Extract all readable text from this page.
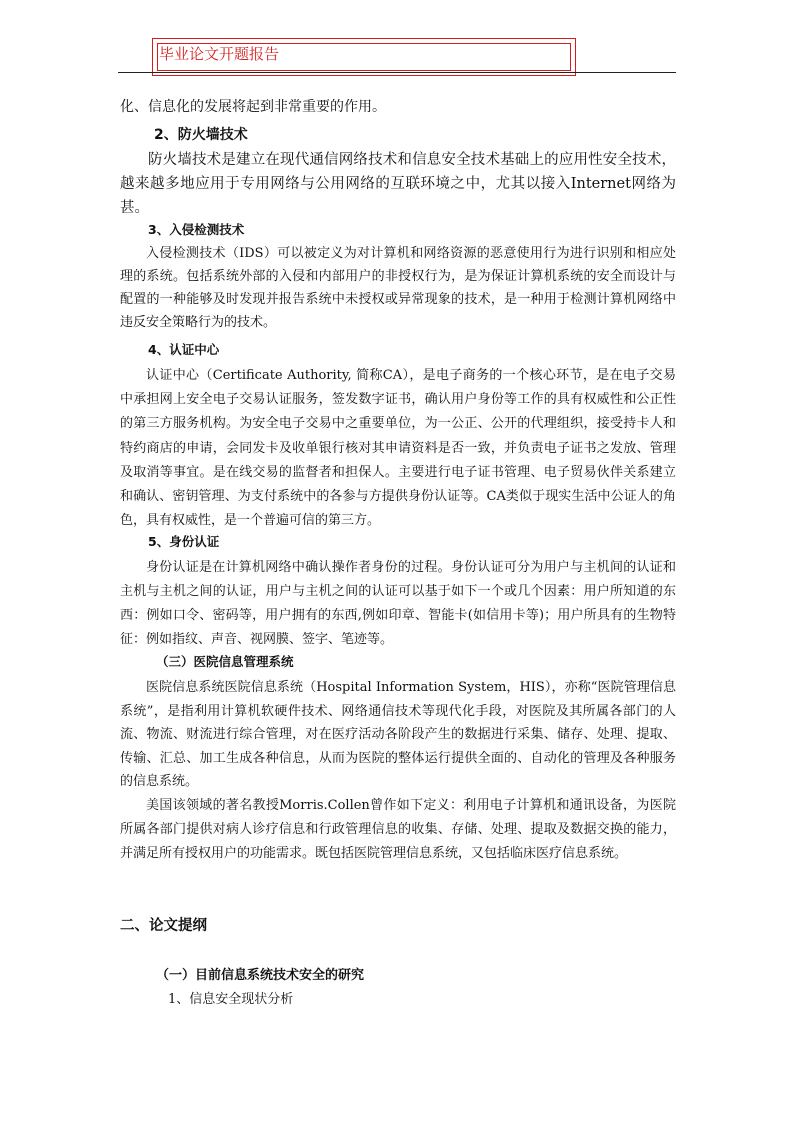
毕业论文开题报告
化、信息化的发展将起到非常重要的作用。
2、防火墙技术
防火墙技术是建立在现代通信网络技术和信息安全技术基础上的应用性安全技术，越来越多地应用于专用网络与公用网络的互联环境之中，尤其以接入Internet网络为甚。
3、入侵检测技术
入侵检测技术（IDS）可以被定义为对计算机和网络资源的恶意使用行为进行识别和相应处理的系统。包括系统外部的入侵和内部用户的非授权行为，是为保证计算机系统的安全而设计与配置的一种能够及时发现并报告系统中未授权或异常现象的技术，是一种用于检测计算机网络中违反安全策略行为的技术。
4、认证中心
认证中心（Certificate Authority, 简称CA），是电子商务的一个核心环节，是在电子交易中承担网上安全电子交易认证服务，签发数字证书，确认用户身份等工作的具有权威性和公正性的第三方服务机构。为安全电子交易中之重要单位，为一公正、公开的代理组织，接受持卡人和特约商店的申请，会同发卡及收单银行核对其申请资料是否一致，并负责电子证书之发放、管理及取消等事宜。是在线交易的监督者和担保人。主要进行电子证书管理、电子贸易伙伴关系建立和确认、密钥管理、为支付系统中的各参与方提供身份认证等。CA类似于现实生活中公证人的角色，具有权威性，是一个普遍可信的第三方。
5、身份认证
身份认证是在计算机网络中确认操作者身份的过程。身份认证可分为用户与主机间的认证和主机与主机之间的认证，用户与主机之间的认证可以基于如下一个或几个因素：用户所知道的东西：例如口令、密码等，用户拥有的东西,例如印章、智能卡(如信用卡等)；用户所具有的生物特征：例如指纹、声音、视网膜、签字、笔迹等。
（三）医院信息管理系统
医院信息系统医院信息系统（Hospital Information System，HIS），亦称“医院管理信息系统”，是指利用计算机软硬件技术、网络通信技术等现代化手段，对医院及其所属各部门的人流、物流、财流进行综合管理，对在医疗活动各阶段产生的数据进行采集、储存、处理、提取、传输、汇总、加工生成各种信息，从而为医院的整体运行提供全面的、自动化的管理及各种服务的信息系统。
美国该领域的著名教授Morris.Collen曾作如下定义：利用电子计算机和通讯设备，为医院所属各部门提供对病人诊疗信息和行政管理信息的收集、存储、处理、提取及数据交换的能力，并满足所有授权用户的功能需求。既包括医院管理信息系统，又包括临床医疗信息系统。
二、论文提纲
（一）目前信息系统技术安全的研究
1、信息安全现状分析
